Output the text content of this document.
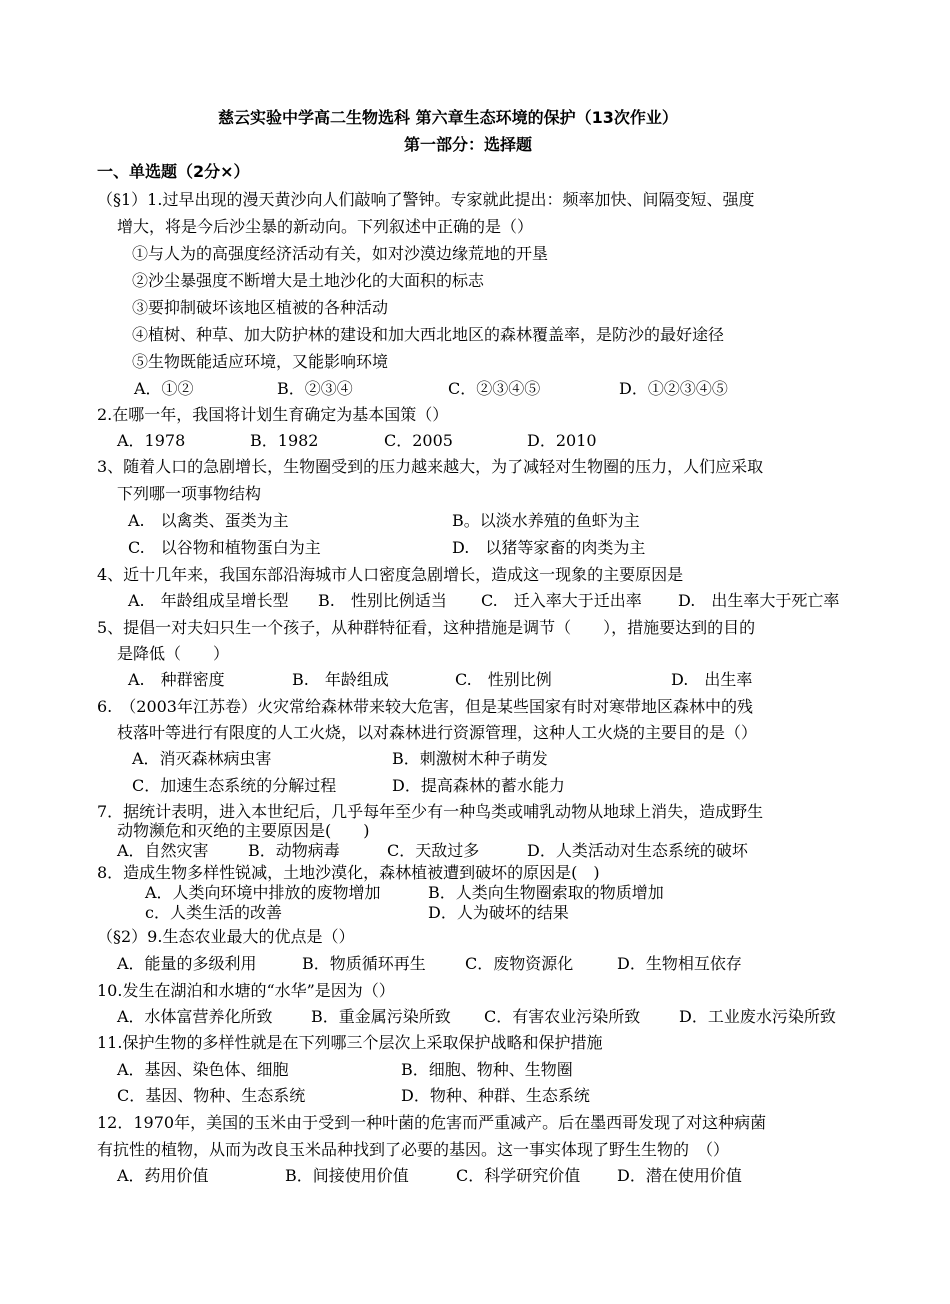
慈云实验中学高二生物选科 第六章生态环境的保护（13次作业）
第一部分：选择题
一、单选题（2分×）
（§1）1.过早出现的漫天黄沙向人们敲响了警钟。专家就此提出：频率加快、间隔变短、强度
增大，将是今后沙尘暴的新动向。下列叙述中正确的是（）
①与人为的高强度经济活动有关，如对沙漠边缘荒地的开垦
②沙尘暴强度不断增大是土地沙化的大面积的标志
③要抑制破坏该地区植被的各种活动
④植树、种草、加大防护林的建设和加大西北地区的森林覆盖率，是防沙的最好途径
⑤生物既能适应环境，又能影响环境
A．①②	B．②③④	C．②③④⑤	D．①②③④⑤
2.在哪一年，我国将计划生育确定为基本国策（）
A．1978	B．1982	C．2005	D．2010
3、随着人口的急剧增长，生物圈受到的压力越来越大，为了减轻对生物圈的压力，人们应采取
下列哪一项事物结构
A.　以禽类、蛋类为主	B。以淡水养殖的鱼虾为主
C.　以谷物和植物蛋白为主	D.　以猪等家畜的肉类为主
4、近十几年来，我国东部沿海城市人口密度急剧增长，造成这一现象的主要原因是
A.　年龄组成呈增长型 B.　性别比例适当 C.　迁入率大于迁出率 D.　出生率大于死亡率
5、提倡一对夫妇只生一个孩子，从种群特征看，这种措施是调节（　　），措施要达到的目的
是降低（　　）
A.　种群密度	B.　年龄组成	C.　性别比例	D.　出生率
6.　（2003年江苏卷）火灾常给森林带来较大危害，但是某些国家有时对寒带地区森林中的残
枝落叶等进行有限度的人工火烧，以对森林进行资源管理，这种人工火烧的主要目的是（）
A．消灭森林病虫害	B．刺激树木种子萌发
C．加速生态系统的分解过程	D．提高森林的蓄水能力
7．据统计表明，进入本世纪后，几乎每年至少有一种鸟类或哺乳动物从地球上消失，造成野生
动物濒危和灭绝的主要原因是(　　)
A．自然灾害 B．动物病毒	C．天敌过多	D．人类活动对生态系统的破坏
8．造成生物多样性锐减，土地沙漠化，森林植被遭到破坏的原因是(　)
A．人类向环境中排放的废物增加	B．人类向生物圈索取的物质增加
c．人类生活的改善	D．人为破坏的结果
（§2）9.生态农业最大的优点是（）
A．能量的多级利用	B．物质循环再生 C．废物资源化	D．生物相互依存
10.发生在湖泊和水塘的“水华”是因为（）
A．水体富营养化所致 B．重金属污染所致 C．有害农业污染所致 D．工业废水污染所致
11.保护生物的多样性就是在下列哪三个层次上采取保护战略和保护措施
A．基因、染色体、细胞	B．细胞、物种、生物圈
C．基因、物种、生态系统	D．物种、种群、生态系统
12．1970年，美国的玉米由于受到一种叶菌的危害而严重减产。后在墨西哥发现了对这种病菌
有抗性的植物，从而为改良玉米品种找到了必要的基因。这一事实体现了野生生物的　（）
A．药用价值	B．间接使用价值	C．科学研究价值 D．潜在使用价值
